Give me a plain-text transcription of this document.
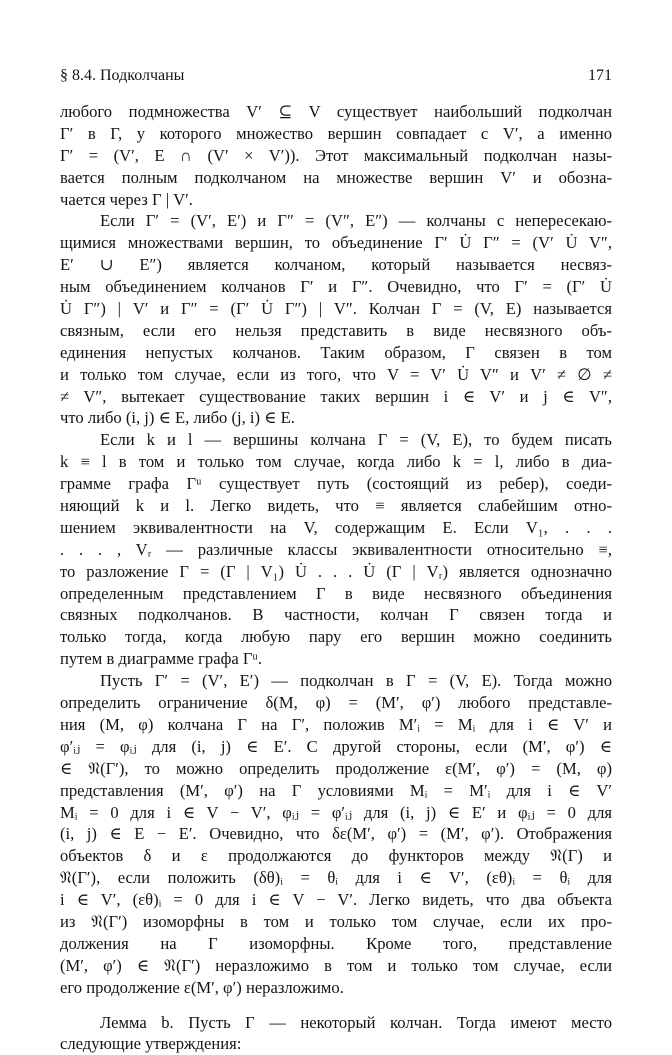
§ 8.4. Подколчаны	171
любого подмножества V′ ⊆ V существует наибольший подколчан
Г′ в Г, у которого множество вершин совпадает с V′, а именно
Г′ = (V′, E ∩ (V′ × V′)). Этот максимальный подколчан назы-
вается полным подколчаном на множестве вершин V′ и обозна-
чается через Г | V′.
Если Г′ = (V′, E′) и Г″ = (V″, E″) — колчаны с непересекаю-
щимися множествами вершин, то объединение Г′ U̇ Г″ = (V′ U̇ V″,
E′ ∪ E″) является колчаном, который называется несвяз-
ным объединением колчанов Г′ и Г″. Очевидно, что Г′ = (Г′ U̇
U̇ Г″) | V′ и Г″ = (Г′ U̇ Г″) | V″. Колчан Г = (V, E) называется
связным, если его нельзя представить в виде несвязного объ-
единения непустых колчанов. Таким образом, Г связен в том
и только том случае, если из того, что V = V′ U̇ V″ и V′ ≠ ∅ ≠
≠ V″, вытекает существование таких вершин i ∈ V′ и j ∈ V″,
что либо (i, j) ∈ E, либо (j, i) ∈ E.
Если k и l — вершины колчана Г = (V, E), то будем писать
k ≡ l в том и только том случае, когда либо k = l, либо в диа-
грамме графа Гᵘ существует путь (состоящий из ребер), соеди-
няющий k и l. Легко видеть, что ≡ является слабейшим отно-
шением эквивалентности на V, содержащим E. Если V₁, . . .
. . . , Vᵣ — различные классы эквивалентности относительно ≡,
то разложение Г = (Г | V₁) U̇ . . . U̇ (Г | Vᵣ) является однозначно
определенным представлением Г в виде несвязного объединения
связных подколчанов. В частности, колчан Г связен тогда и
только тогда, когда любую пару его вершин можно соединить
путем в диаграмме графа Гᵘ.
Пусть Г′ = (V′, E′) — подколчан в Г = (V, E). Тогда можно
определить ограничение δ(M, φ) = (M′, φ′) любого представле-
ния (M, φ) колчана Г на Г′, положив M′ᵢ = Mᵢ для i ∈ V′ и
φ′ᵢⱼ = φᵢⱼ для (i, j) ∈ E′. С другой стороны, если (M′, φ′) ∈
∈ 𝔑(Г′), то можно определить продолжение ε(M′, φ′) = (M, φ)
представления (M′, φ′) на Г условиями Mᵢ = M′ᵢ для i ∈ V′
Mᵢ = 0 для i ∈ V − V′, φᵢⱼ = φ′ᵢⱼ для (i, j) ∈ E′ и φᵢⱼ = 0 для
(i, j) ∈ E − E′. Очевидно, что δε(M′, φ′) = (M′, φ′). Отображения
объектов δ и ε продолжаются до функторов между 𝔑(Г) и
𝔑(Г′), если положить (δθ)ᵢ = θᵢ для i ∈ V′, (εθ)ᵢ = θᵢ для
i ∈ V′, (εθ)ᵢ = 0 для i ∈ V − V′. Легко видеть, что два объекта
из 𝔑(Г′) изоморфны в том и только том случае, если их про-
должения на Г изоморфны. Кроме того, представление
(M′, φ′) ∈ 𝔑(Г′) неразложимо в том и только том случае, если
его продолжение ε(M′, φ′) неразложимо.
Лемма b. Пусть Г — некоторый колчан. Тогда имеют место
следующие утверждения:
